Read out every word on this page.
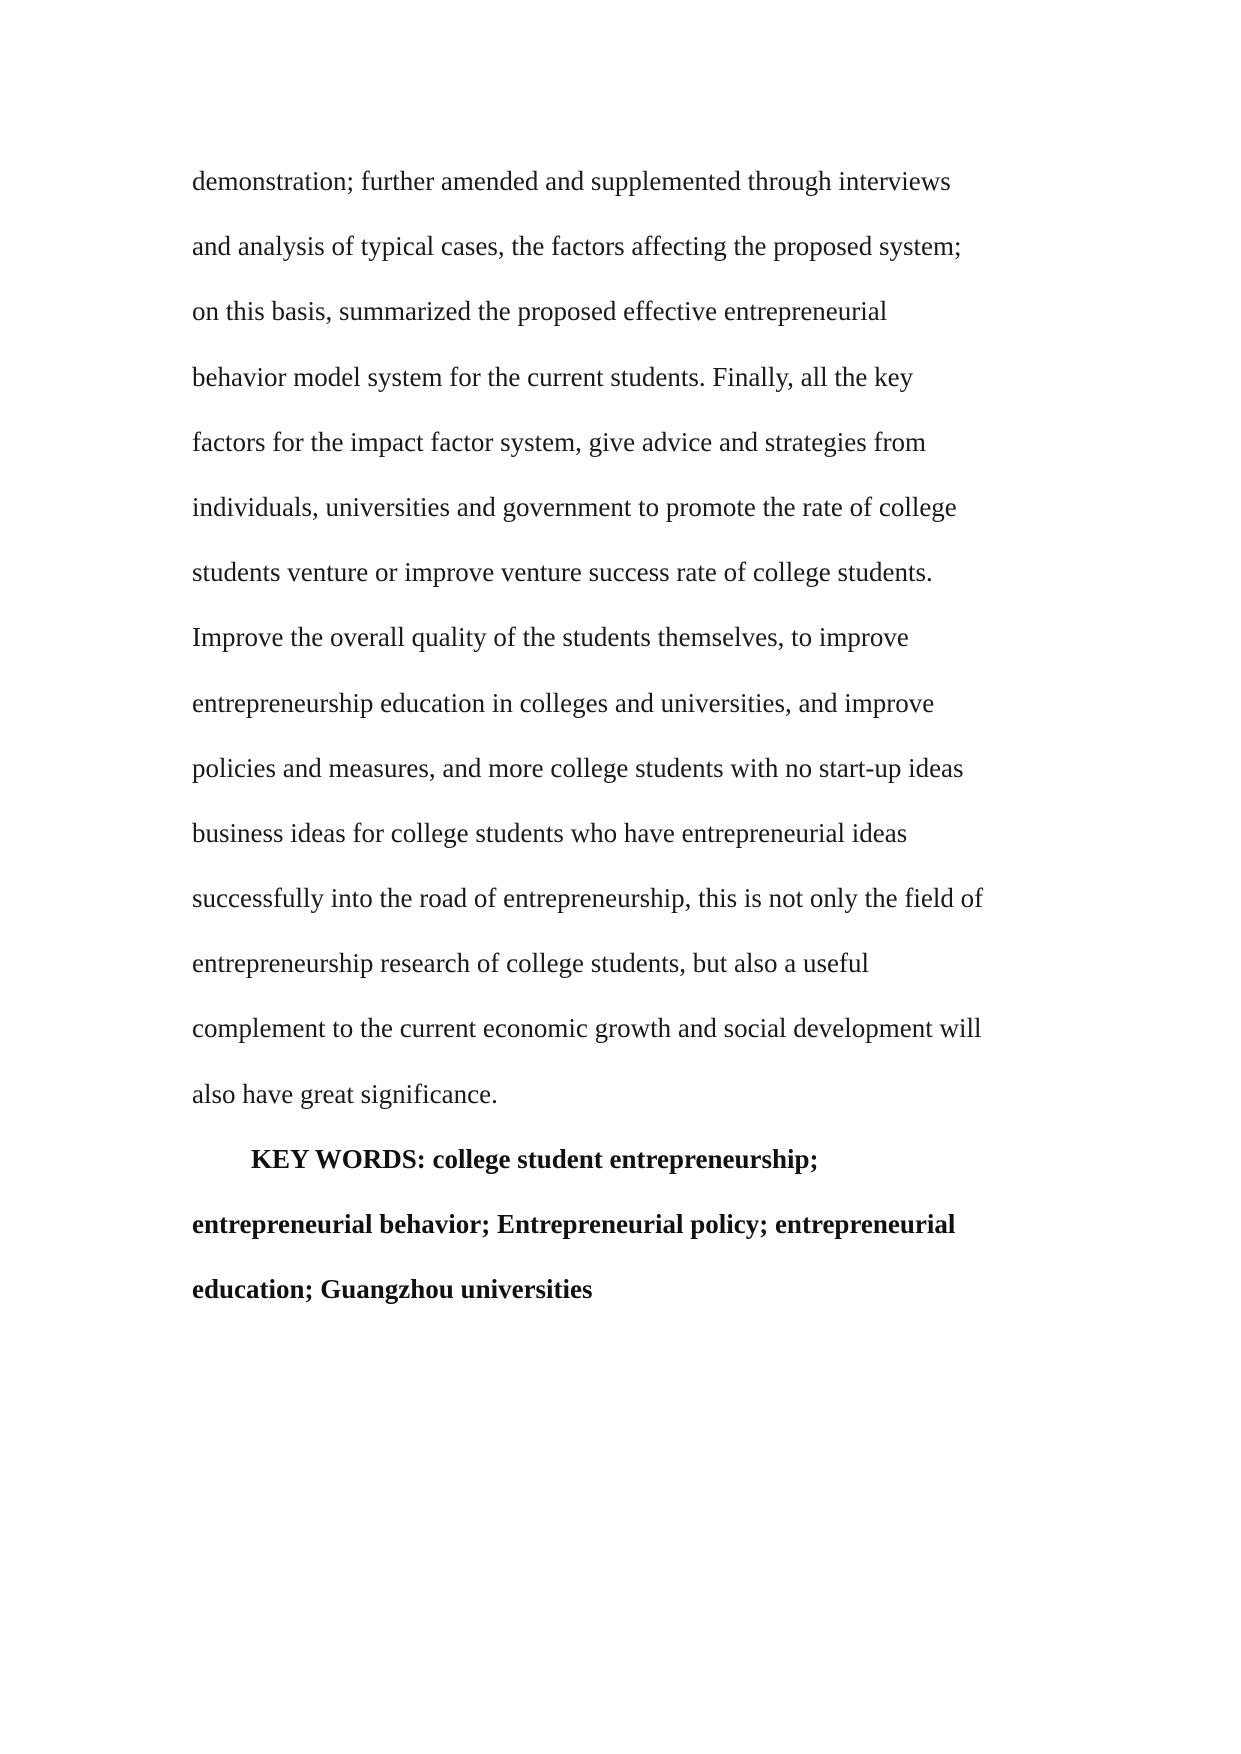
demonstration; further amended and supplemented through interviews
and analysis of typical cases, the factors affecting the proposed system;
on this basis, summarized the proposed effective entrepreneurial
behavior model system for the current students. Finally, all the key
factors for the impact factor system, give advice and strategies from
individuals, universities and government to promote the rate of college
students venture or improve venture success rate of college students.
Improve the overall quality of the students themselves, to improve
entrepreneurship education in colleges and universities, and improve
policies and measures, and more college students with no start-up ideas
business ideas for college students who have entrepreneurial ideas
successfully into the road of entrepreneurship, this is not only the field of
entrepreneurship research of college students, but also a useful
complement to the current economic growth and social development will
also have great significance.
KEY WORDS: college student entrepreneurship;
entrepreneurial behavior; Entrepreneurial policy; entrepreneurial
education; Guangzhou universities
